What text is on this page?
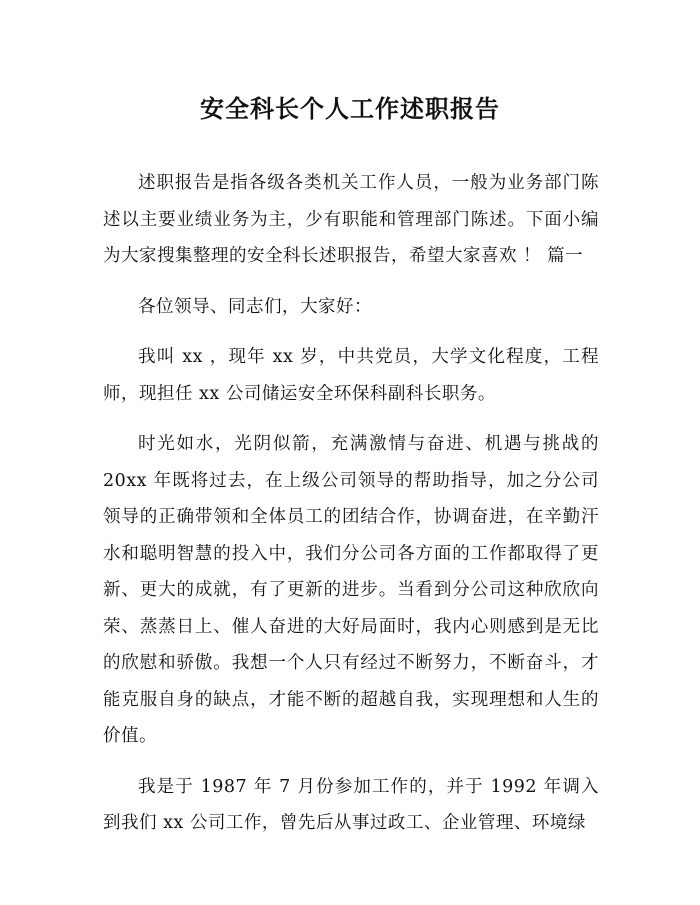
安全科长个人工作述职报告

述职报告是指各级各类机关工作人员，一般为业务部门陈述以主要业绩业务为主，少有职能和管理部门陈述。下面小编为大家搜集整理的安全科长述职报告，希望大家喜欢 ！ 篇一

各位领导、同志们，大家好：

我叫 xx ，现年 xx 岁，中共党员，大学文化程度，工程师，现担任 xx 公司储运安全环保科副科长职务。

时光如水，光阴似箭，充满激情与奋进、机遇与挑战的 20xx 年既将过去，在上级公司领导的帮助指导，加之分公司领导的正确带领和全体员工的团结合作，协调奋进，在辛勤汗水和聪明智慧的投入中，我们分公司各方面的工作都取得了更新、更大的成就，有了更新的进步。当看到分公司这种欣欣向荣、蒸蒸日上、催人奋进的大好局面时，我内心则感到是无比的欣慰和骄傲。我想一个人只有经过不断努力，不断奋斗，才能克服自身的缺点，才能不断的超越自我，实现理想和人生的价值。

我是于 1987 年 7 月份参加工作的，并于 1992 年调入到我们 xx 公司工作，曾先后从事过政工、企业管理、环境绿
